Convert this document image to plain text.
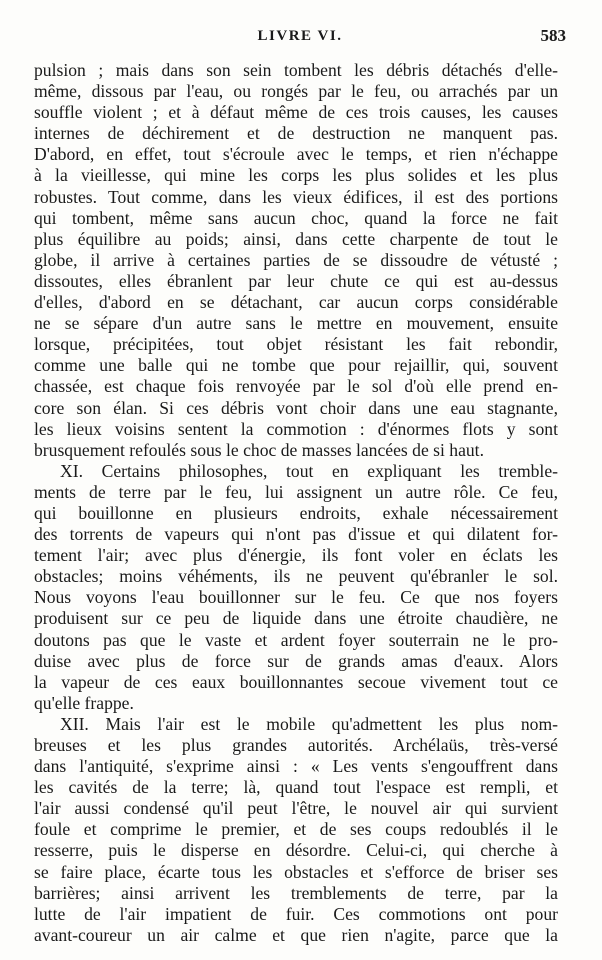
LIVRE VI.	583
pulsion ; mais dans son sein tombent les débris détachés d'elle-
même, dissous par l'eau, ou rongés par le feu, ou arrachés par un
souffle violent ; et à défaut même de ces trois causes, les causes
internes de déchirement et de destruction ne manquent pas.
D'abord, en effet, tout s'écroule avec le temps, et rien n'échappe
à la vieillesse, qui mine les corps les plus solides et les plus
robustes. Tout comme, dans les vieux édifices, il est des portions
qui tombent, même sans aucun choc, quand la force ne fait
plus équilibre au poids; ainsi, dans cette charpente de tout le
globe, il arrive à certaines parties de se dissoudre de vétusté ;
dissoutes, elles ébranlent par leur chute ce qui est au-dessus
d'elles, d'abord en se détachant, car aucun corps considérable
ne se sépare d'un autre sans le mettre en mouvement, ensuite
lorsque, précipitées, tout objet résistant les fait rebondir,
comme une balle qui ne tombe que pour rejaillir, qui, souvent
chassée, est chaque fois renvoyée par le sol d'où elle prend en-
core son élan. Si ces débris vont choir dans une eau stagnante,
les lieux voisins sentent la commotion : d'énormes flots y sont
brusquement refoulés sous le choc de masses lancées de si haut.
XI. Certains philosophes, tout en expliquant les tremble-
ments de terre par le feu, lui assignent un autre rôle. Ce feu,
qui bouillonne en plusieurs endroits, exhale nécessairement
des torrents de vapeurs qui n'ont pas d'issue et qui dilatent for-
tement l'air; avec plus d'énergie, ils font voler en éclats les
obstacles; moins véhéments, ils ne peuvent qu'ébranler le sol.
Nous voyons l'eau bouillonner sur le feu. Ce que nos foyers
produisent sur ce peu de liquide dans une étroite chaudière, ne
doutons pas que le vaste et ardent foyer souterrain ne le pro-
duise avec plus de force sur de grands amas d'eaux. Alors
la vapeur de ces eaux bouillonnantes secoue vivement tout ce
qu'elle frappe.
XII. Mais l'air est le mobile qu'admettent les plus nom-
breuses et les plus grandes autorités. Archélaüs, très-versé
dans l'antiquité, s'exprime ainsi : « Les vents s'engouffrent dans
les cavités de la terre; là, quand tout l'espace est rempli, et
l'air aussi condensé qu'il peut l'être, le nouvel air qui survient
foule et comprime le premier, et de ses coups redoublés il le
resserre, puis le disperse en désordre. Celui-ci, qui cherche à
se faire place, écarte tous les obstacles et s'efforce de briser ses
barrières; ainsi arrivent les tremblements de terre, par la
lutte de l'air impatient de fuir. Ces commotions ont pour
avant-coureur un air calme et que rien n'agite, parce que la
